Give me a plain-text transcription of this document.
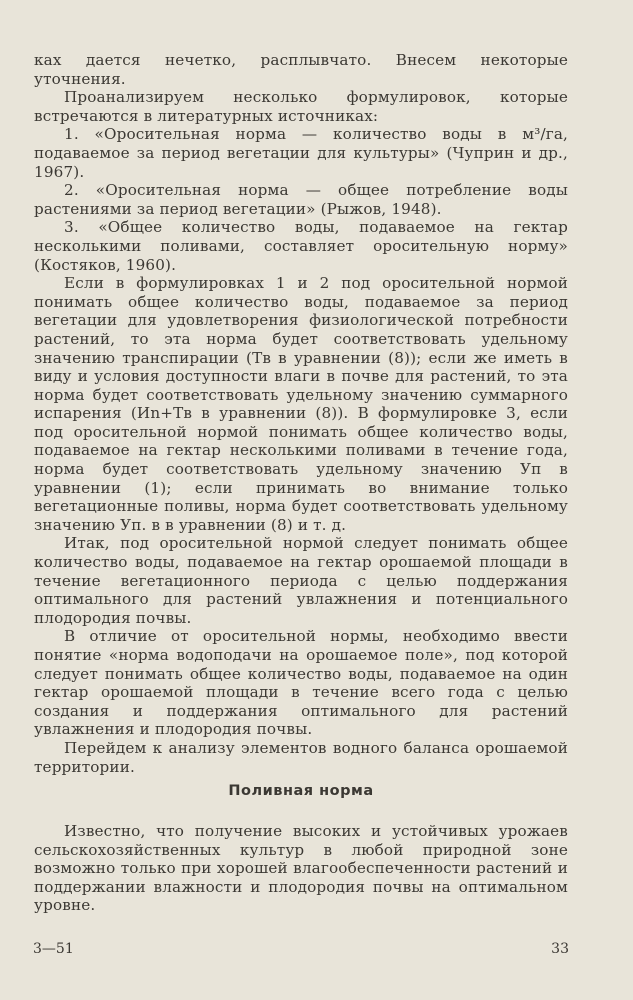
ках дается нечетко, расплывчато. Внесем некоторые уточнения.

Проанализируем несколько формулировок, которые встречаются в литературных источниках:

1. «Оросительная норма — количество воды в м³/га, подаваемое за период вегетации для культуры» (Чуприн и др., 1967).

2. «Оросительная норма — общее потребление воды растениями за период вегетации» (Рыжов, 1948).

3. «Общее количество воды, подаваемое на гектар несколькими поливами, составляет оросительную норму» (Костяков, 1960).

Если в формулировках 1 и 2 под оросительной нормой понимать общее количество воды, подаваемое за период вегетации для удовлетворения физиологической потребности растений, то эта норма будет соответствовать удельному значению транспирации (Tв в уравнении (8)); если же иметь в виду и условия доступности влаги в почве для растений, то эта норма будет соответствовать удельному значению суммарного испарения (Иn+Tв в уравнении (8)). В формулировке 3, если под оросительной нормой понимать общее количество воды, подаваемое на гектар несколькими поливами в течение года, норма будет соответствовать удельному значению Уп в уравнении (1); если принимать во внимание только вегетационные поливы, норма будет соответствовать удельному значению Уп. в в уравнении (8) и т. д.

Итак, под оросительной нормой следует понимать общее количество воды, подаваемое на гектар орошаемой площади в течение вегетационного периода с целью поддержания оптимального для растений увлажнения и потенциального плодородия почвы.

В отличие от оросительной нормы, необходимо ввести понятие «норма водоподачи на орошаемое поле», под которой следует понимать общее количество воды, подаваемое на один гектар орошаемой площади в течение всего года с целью создания и поддержания оптимального для растений увлажнения и плодородия почвы.

Перейдем к анализу элементов водного баланса орошаемой территории.

Поливная норма

Известно, что получение высоких и устойчивых урожаев сельскохозяйственных культур в любой природной зоне возможно только при хорошей влагообеспеченности растений и поддержании влажности и плодородия почвы на оптимальном уровне.

3—51	33
